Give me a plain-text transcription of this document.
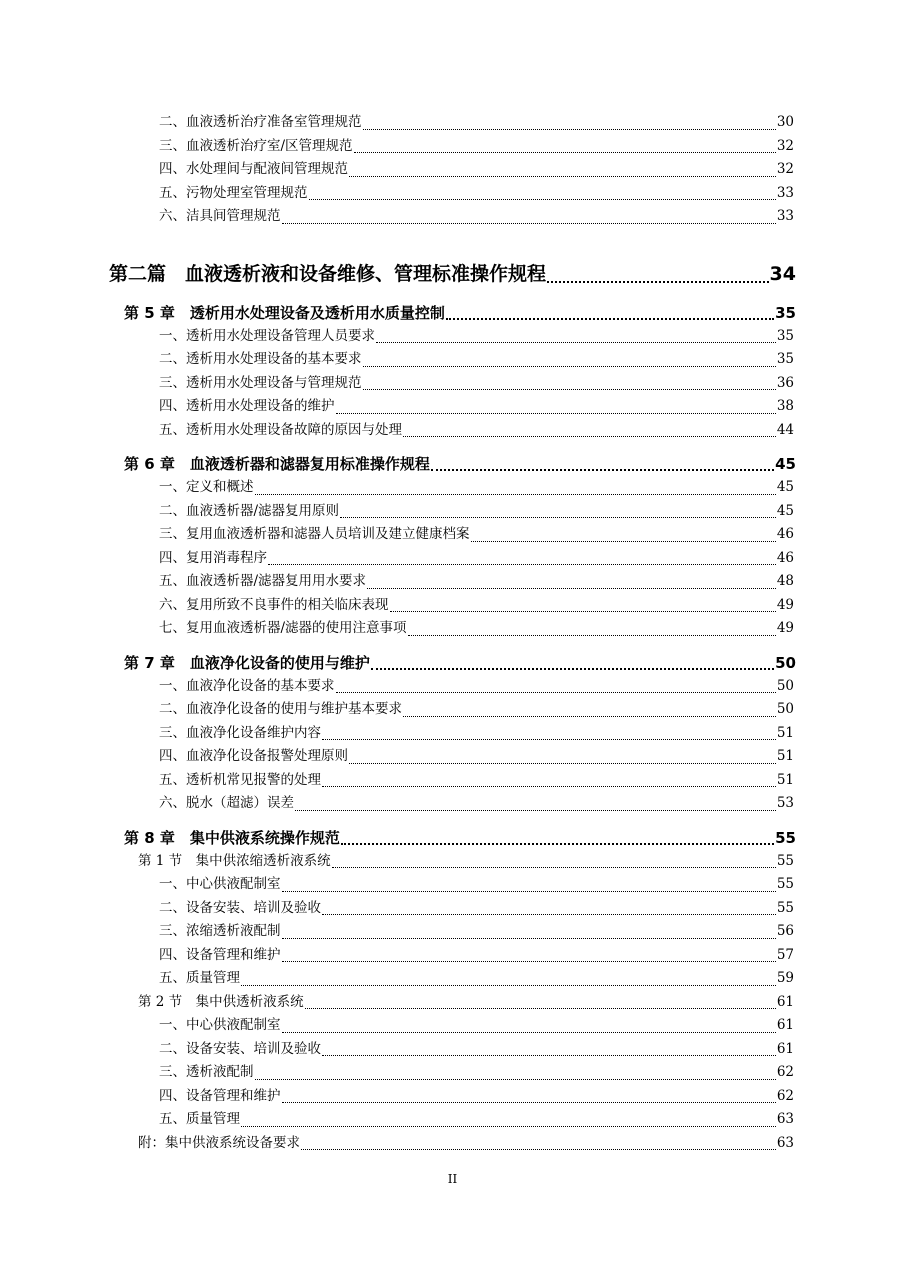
二、血液透析治疗准备室管理规范	30
三、血液透析治疗室/区管理规范	32
四、水处理间与配液间管理规范	32
五、污物处理室管理规范	33
六、洁具间管理规范	33
第二篇　血液透析液和设备维修、管理标准操作规程	34
第 5 章　透析用水处理设备及透析用水质量控制	35
一、透析用水处理设备管理人员要求	35
二、透析用水处理设备的基本要求	35
三、透析用水处理设备与管理规范	36
四、透析用水处理设备的维护	38
五、透析用水处理设备故障的原因与处理	44
第 6 章　血液透析器和滤器复用标准操作规程	45
一、定义和概述	45
二、血液透析器/滤器复用原则	45
三、复用血液透析器和滤器人员培训及建立健康档案	46
四、复用消毒程序	46
五、血液透析器/滤器复用用水要求	48
六、复用所致不良事件的相关临床表现	49
七、复用血液透析器/滤器的使用注意事项	49
第 7 章　血液净化设备的使用与维护	50
一、血液净化设备的基本要求	50
二、血液净化设备的使用与维护基本要求	50
三、血液净化设备维护内容	51
四、血液净化设备报警处理原则	51
五、透析机常见报警的处理	51
六、脱水（超滤）误差	53
第 8 章　集中供液系统操作规范	55
第 1 节　集中供浓缩透析液系统	55
一、中心供液配制室	55
二、设备安装、培训及验收	55
三、浓缩透析液配制	56
四、设备管理和维护	57
五、质量管理	59
第 2 节　集中供透析液系统	61
一、中心供液配制室	61
二、设备安装、培训及验收	61
三、透析液配制	62
四、设备管理和维护	62
五、质量管理	63
附：集中供液系统设备要求	63
II
